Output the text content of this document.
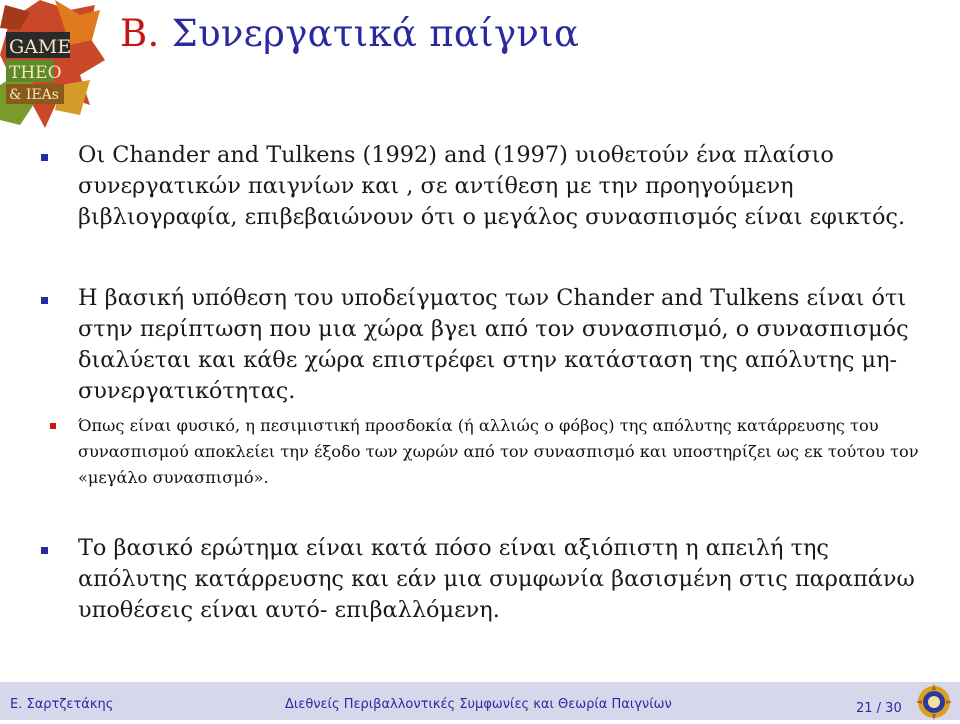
GAME
THEO
& IEAs
B. Συνεργατικά παίγνια
Οι Chander and Tulkens (1992) and (1997) υιοθετούν ένα πλαίσιο συνεργατικών παιγνίων και , σε αντίθεση με την προηγούμενη βιβλιογραφία, επιβεβαιώνουν ότι ο μεγάλος συνασπισμός είναι εφικτός.
Η βασική υπόθεση του υποδείγματος των Chander and Tulkens είναι ότι στην περίπτωση που μια χώρα βγει από τον συνασπισμό, ο συνασπισμός διαλύεται και κάθε χώρα επιστρέφει στην κατάσταση της απόλυτης μη- συνεργατικότητας.
Όπως είναι φυσικό, η πεσιμιστική προσδοκία (ή αλλιώς ο φόβος) της απόλυτης κατάρρευσης του συνασπισμού αποκλείει την έξοδο των χωρών από τον συνασπισμό και υποστηρίζει ως εκ τούτου τον «μεγάλο συνασπισμό».
Το βασικό ερώτημα είναι κατά πόσο είναι αξιόπιστη η απειλή της απόλυτης κατάρρευσης και εάν μια συμφωνία βασισμένη στις παραπάνω υποθέσεις είναι αυτό- επιβαλλόμενη.
Ε. Σαρτζετάκης	Διεθνείς Περιβαλλοντικές Συμφωνίες και Θεωρία Παιγνίων	21 / 30
